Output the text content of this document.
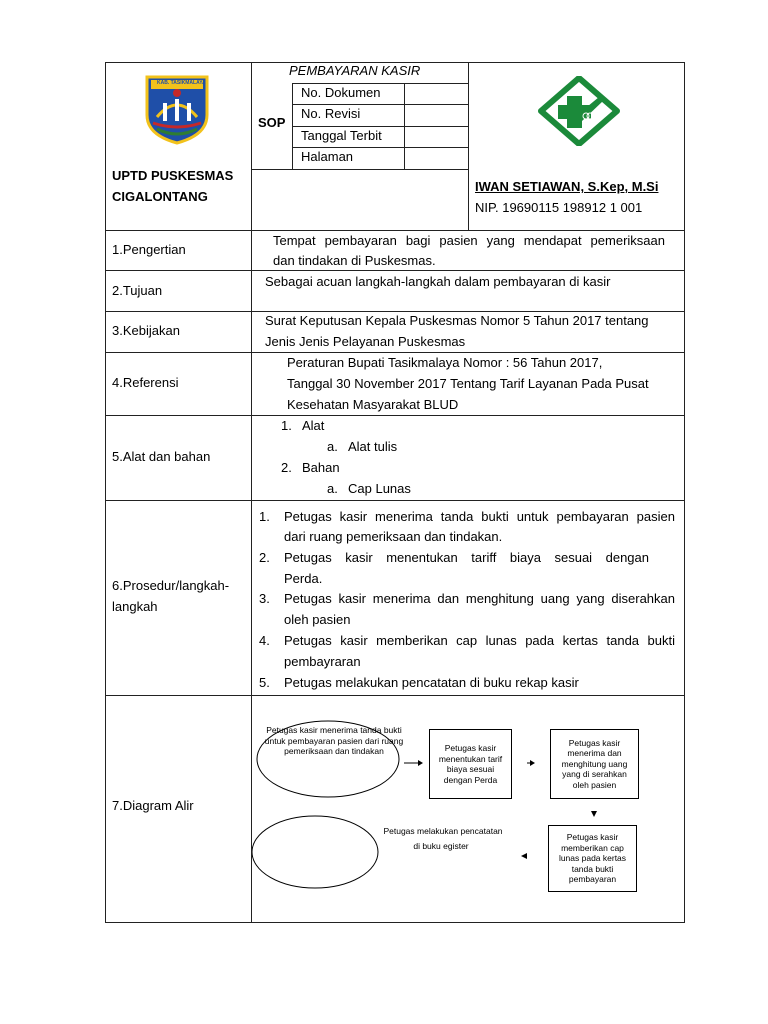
KAB. TASIKMALAYA
PEMBAYARAN KASIR
SOP
No. Dokumen
No. Revisi
Tanggal Terbit
Halaman
UPTD PUSKESMAS
CIGALONTANG
IWAN SETIAWAN, S.Kep, M.Si
NIP. 19690115 198912 1 001
1.Pengertian
Tempat pembayaran bagi pasien yang mendapat pemeriksaan
dan tindakan di Puskesmas.
2.Tujuan
Sebagai acuan langkah-langkah dalam pembayaran di kasir
3.Kebijakan
Surat Keputusan Kepala Puskesmas Nomor 5 Tahun 2017 tentang
Jenis Jenis Pelayanan Puskesmas
4.Referensi
Peraturan Bupati Tasikmalaya Nomor : 56 Tahun 2017,
Tanggal 30 November 2017 Tentang Tarif Layanan Pada Pusat
Kesehatan Masyarakat BLUD
5.Alat dan bahan
1. Alat
a. Alat tulis
2. Bahan
a. Cap Lunas
6.Prosedur/langkah-
langkah
1. Petugas kasir menerima tanda bukti untuk pembayaran pasien
dari ruang pemeriksaan dan tindakan.
2. Petugas kasir menentukan tariff biaya sesuai dengan
Perda.
3. Petugas kasir menerima dan menghitung uang yang diserahkan
oleh pasien
4. Petugas kasir memberikan cap lunas pada kertas tanda bukti
pembayraran
5. Petugas melakukan pencatatan di buku rekap kasir
7.Diagram Alir
Petugas kasir menerima tanda bukti untuk pembayaran pasien dari ruang pemeriksaan dan tindakan	Petugas kasir menentukan tarif biaya sesuai dengan Perda
Petugas kasir menerima dan menghitung uang yang di serahkan oleh pasien
Petugas kasir memberikan cap lunas pada kertas tanda bukti pembayaran
Petugas melakukan pencatatan
di buku egister
